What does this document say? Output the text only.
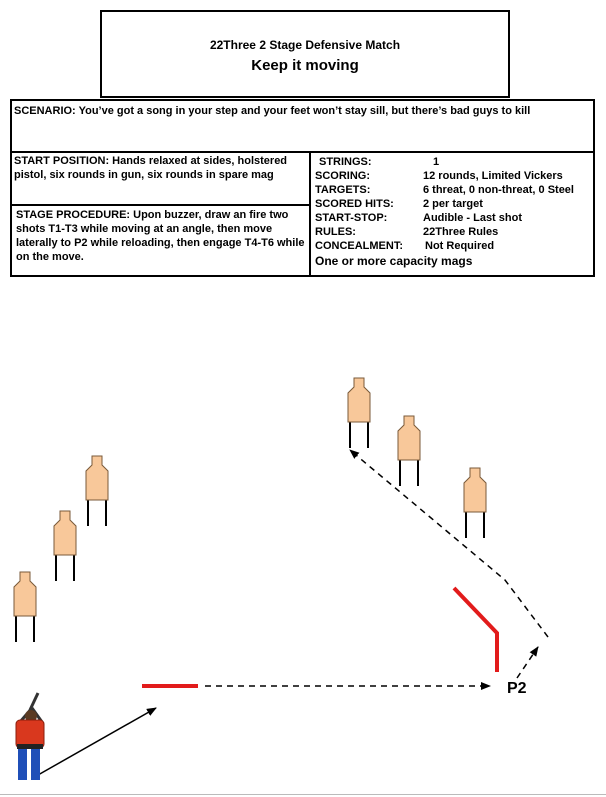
22Three 2 Stage Defensive Match
Keep it moving
SCENARIO: You’ve got a song in your step and your feet won’t stay sill, but there’s bad guys to kill
START POSITION: Hands relaxed at sides, holstered pistol, six rounds in gun, six rounds in spare mag
STAGE PROCEDURE: Upon buzzer, draw an fire two shots T1-T3 while moving at an angle, then move laterally to P2 while reloading, then engage T4-T6 while on the move.
STRINGS:	1
SCORING:	12 rounds, Limited Vickers
TARGETS:	6 threat, 0 non-threat, 0 Steel
SCORED HITS:	2 per target
START-STOP:	Audible - Last shot
RULES:	22Three Rules
CONCEALMENT: Not Required
One or more capacity mags
P2
